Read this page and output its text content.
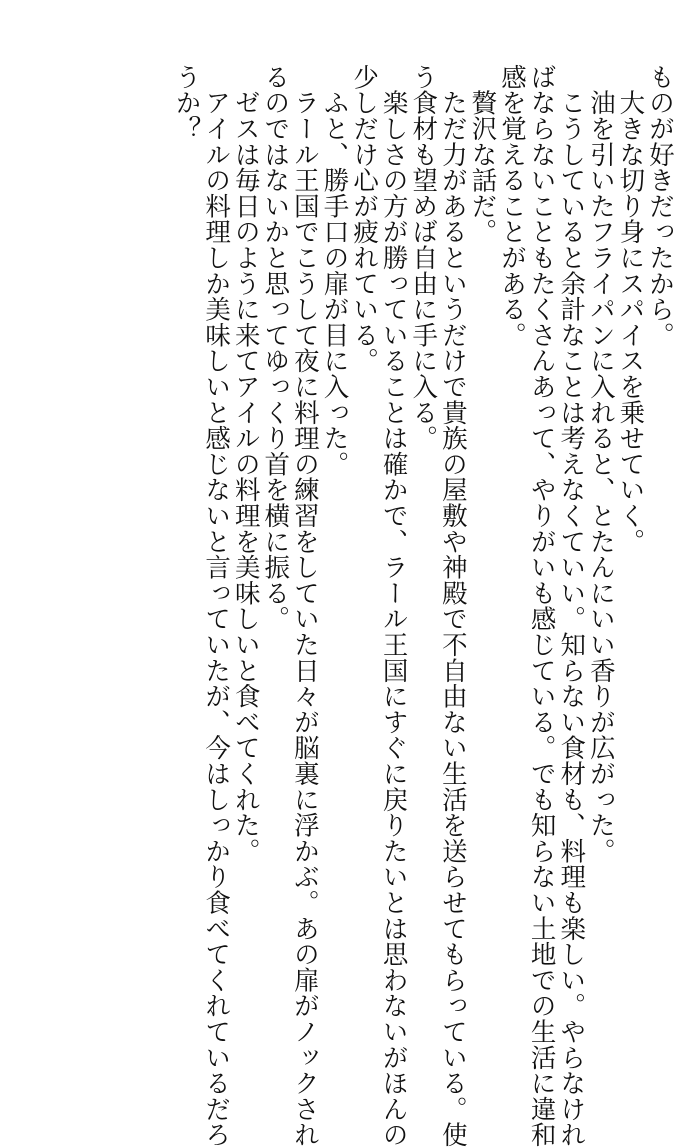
ものが好きだったから。
　大きな切り身にスパイスを乗せていく。
　油を引いたフライパンに入れると、とたんにいい香りが広がった。
　こうしていると余計なことは考えなくていい。知らない食材も、料理も楽しい。やらなけれ
ばならないこともたくさんあって、やりがいも感じている。でも知らない土地での生活に違和
感を覚えることがある。
　贅沢な話だ。
　ただ力があるというだけで貴族の屋敷や神殿で不自由ない生活を送らせてもらっている。使
う食材も望めば自由に手に入る。
　楽しさの方が勝っていることは確かで、ラール王国にすぐに戻りたいとは思わないがほんの
少しだけ心が疲れている。
　ふと、勝手口の扉が目に入った。
　ラール王国でこうして夜に料理の練習をしていた日々が脳裏に浮かぶ。あの扉がノックされ
るのではないかと思ってゆっくり首を横に振る。
　ゼスは毎日のように来てアイルの料理を美味しいと食べてくれた。
　アイルの料理しか美味しいと感じないと言っていたが、今はしっかり食べてくれているだろ
うか？
